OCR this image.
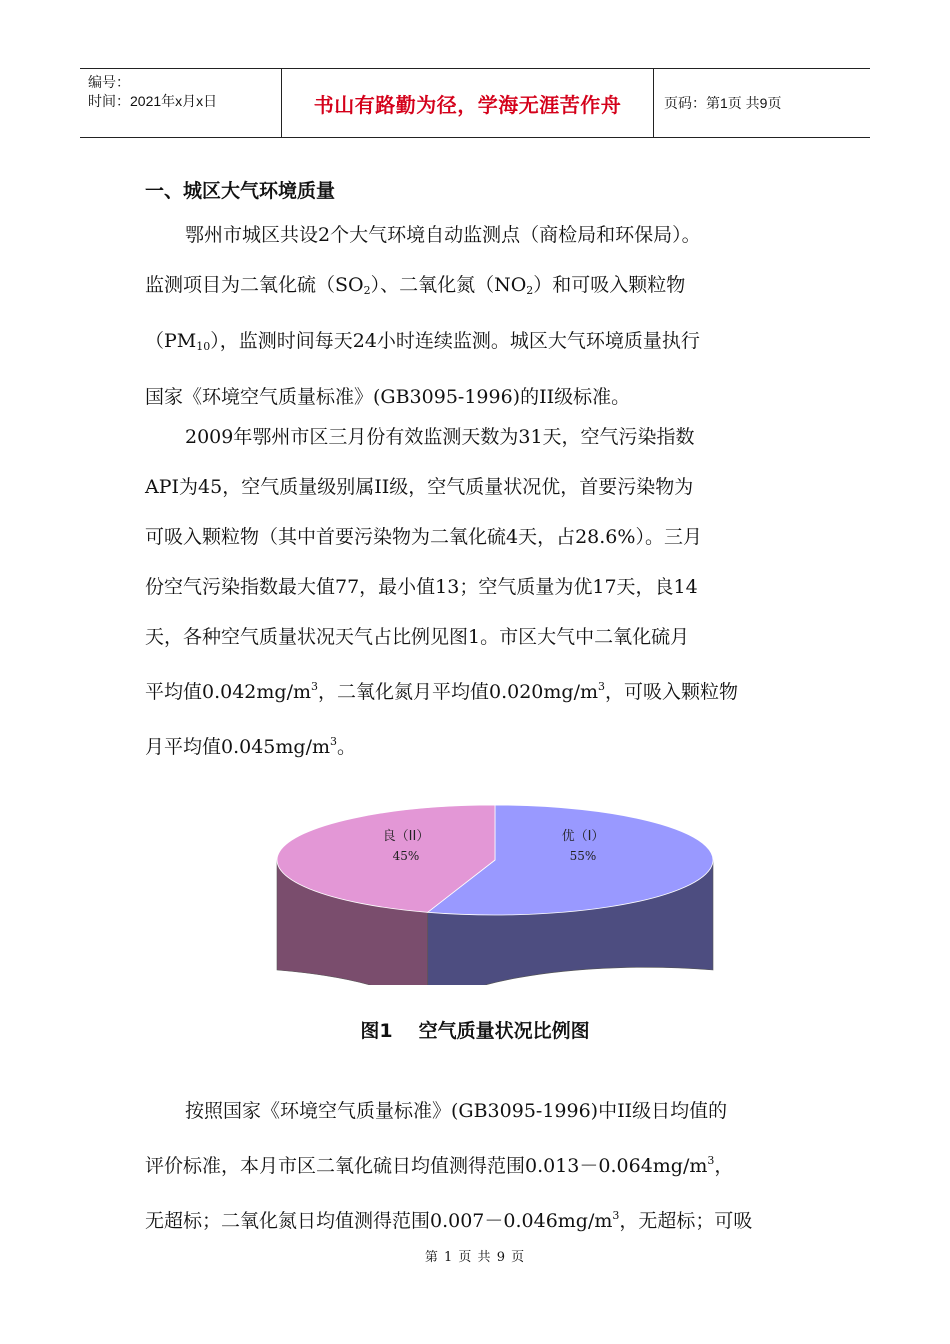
编号：
时间：2021年x月x日	书山有路勤为径，学海无涯苦作舟	页码：第1页 共9页
一、城区大气环境质量
鄂州市城区共设2个大气环境自动监测点（商检局和环保局）。
监测项目为二氧化硫$(SO_2)$、二氧化氮$(NO_2)$和可吸入颗粒物
$(PM_{10})$，监测时间每天24小时连续监测。城区大气环境质量执行
国家《环境空气质量标准》(GB3095-1996)的II级标准。
2009年鄂州市区三月份有效监测天数为31天，空气污染指数
API为45，空气质量级别属II级，空气质量状况优，首要污染物为
可吸入颗粒物（其中首要污染物为二氧化硫4天，占28.6%）。三月
份空气污染指数最大值77，最小值13；空气质量为优17天，良14
天，各种空气质量状况天气占比例见图1。市区大气中二氧化硫月
平均值$0.042mg/m^3$，二氧化氮月平均值$0.020mg/m^3$，可吸入颗粒物
月平均值$0.045mg/m^3$。
优（I）
55%
良（II）
45%
图1 空气质量状况比例图
按照国家《环境空气质量标准》(GB3095-1996)中II级日均值的
评价标准，本月市区二氧化硫日均值测得范围$0.013-0.064mg/m^3$，
无超标；二氧化氮日均值测得范围$0.007-0.046mg/m^3$，无超标；可吸
第 1 页 共 9 页
